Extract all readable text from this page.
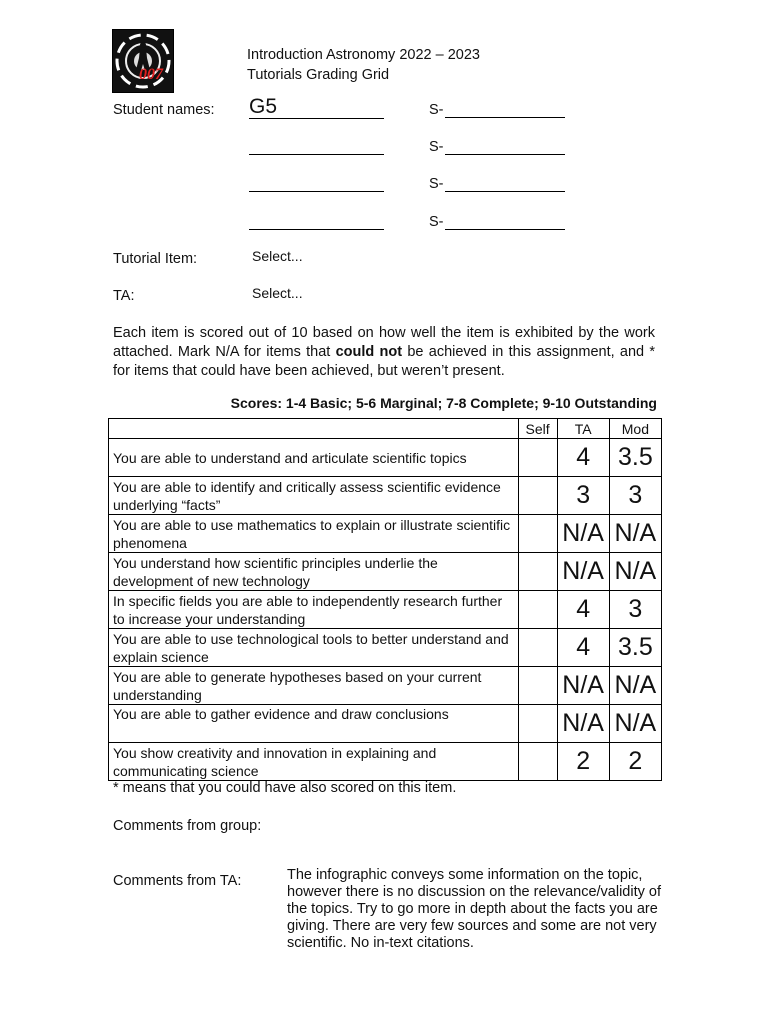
007
Introduction Astronomy 2022 – 2023
Tutorials Grading Grid
Student names: G5	S-
S-
S-
S-
Tutorial Item:	Select...
TA:	Select...
Each item is scored out of 10 based on how well the item is exhibited by the work attached. Mark N/A for items that could not be achieved in this assignment, and * for items that could have been achieved, but weren’t present.
Scores: 1-4 Basic; 5-6 Marginal; 7-8 Complete; 9-10 Outstanding
	Self	TA	Mod
You are able to understand and articulate scientific topics		4	3.5
You are able to identify and critically assess scientific evidence underlying “facts”		3	3
You are able to use mathematics to explain or illustrate scientific phenomena		N/A	N/A
You understand how scientific principles underlie the development of new technology		N/A	N/A
In specific fields you are able to independently research further to increase your understanding		4	3
You are able to use technological tools to better understand and explain science		4	3.5
You are able to generate hypotheses based on your current understanding		N/A	N/A
You are able to gather evidence and draw conclusions		N/A	N/A
You show creativity and innovation in explaining and communicating science		2	2
* means that you could have also scored on this item.
Comments from group:
Comments from TA:	The infographic conveys some information on the topic, however there is no discussion on the relevance/validity of the topics. Try to go more in depth about the facts you are giving. There are very few sources and some are not very scientific. No in-text citations.
